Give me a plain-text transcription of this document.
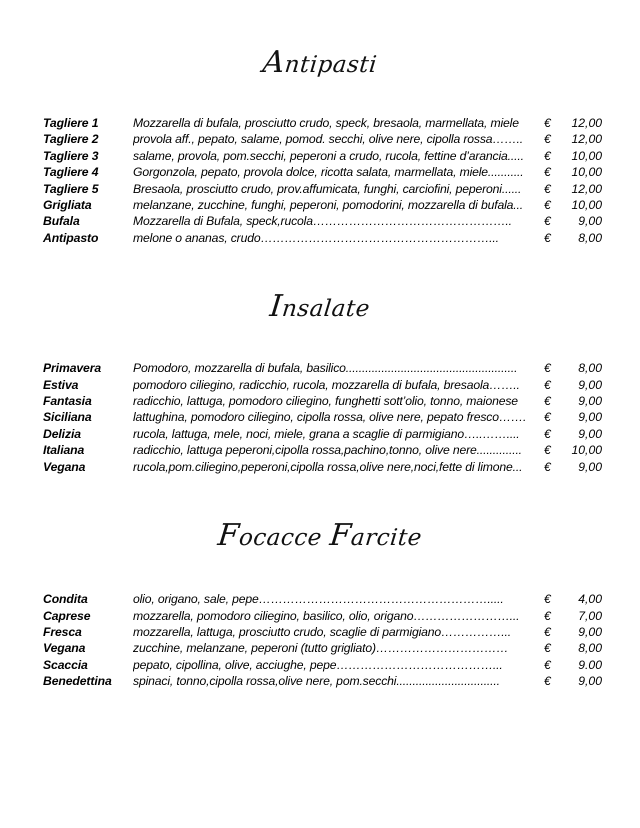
Antipasti
Tagliere 1	Mozzarella di bufala, prosciutto crudo, speck, bresaola, marmellata, miele	€ 12,00
Tagliere 2	provola aff., pepato, salame, pomod. secchi, olive nere, cipolla rossa……..	€ 12,00
Tagliere 3	salame, provola, pom.secchi, peperoni a crudo, rucola, fettine d’arancia.....	€ 10,00
Tagliere 4	Gorgonzola, pepato, provola dolce, ricotta salata, marmellata, miele...........	€ 10,00
Tagliere 5	Bresaola, prosciutto crudo, prov.affumicata, funghi, carciofini, peperoni......	€ 12,00
Grigliata	melanzane, zucchine, funghi, peperoni, pomodorini, mozzarella di bufala...	€ 10,00
Bufala	Mozzarella di Bufala, speck,rucola…………………………………………..	€ 9,00
Antipasto	melone o ananas, crudo…………………………………………………...	€ 8,00
Insalate
Primavera	Pomodoro, mozzarella di bufala, basilico.....................................................	€ 8,00
Estiva	pomodoro ciliegino, radicchio, rucola, mozzarella di bufala, bresaola……..	€ 9,00
Fantasia	radicchio, lattuga, pomodoro ciliegino, funghetti sott’olio, tonno, maionese	€ 9,00
Siciliana	lattughina, pomodoro ciliegino, cipolla rossa, olive nere, pepato fresco…….	€ 9,00
Delizia	rucola, lattuga, mele, noci, miele, grana a scaglie di parmigiano…..……....	€ 9,00
Italiana	radicchio, lattuga peperoni,cipolla rossa,pachino,tonno, olive nere..............	€ 10,00
Vegana	rucola,pom.ciliegino,peperoni,cipolla rossa,olive nere,noci,fette di limone...	€ 9,00
Focacce Farcite
Condita	olio, origano, sale, pepe………………………………………………….....	€ 4,00
Caprese	mozzarella, pomodoro ciliegino, basilico, olio, origano……………………...	€ 7,00
Fresca	mozzarella, lattuga, prosciutto crudo, scaglie di parmigiano……………...	€ 9,00
Vegana	zucchine, melanzane, peperoni (tutto grigliato)……………………………	€ 8,00
Scaccia	pepato, cipollina, olive, acciughe, pepe…………………………………...	€ 9.00
Benedettina	spinaci, tonno,cipolla rossa,olive nere, pom.secchi................................	€ 9,00
